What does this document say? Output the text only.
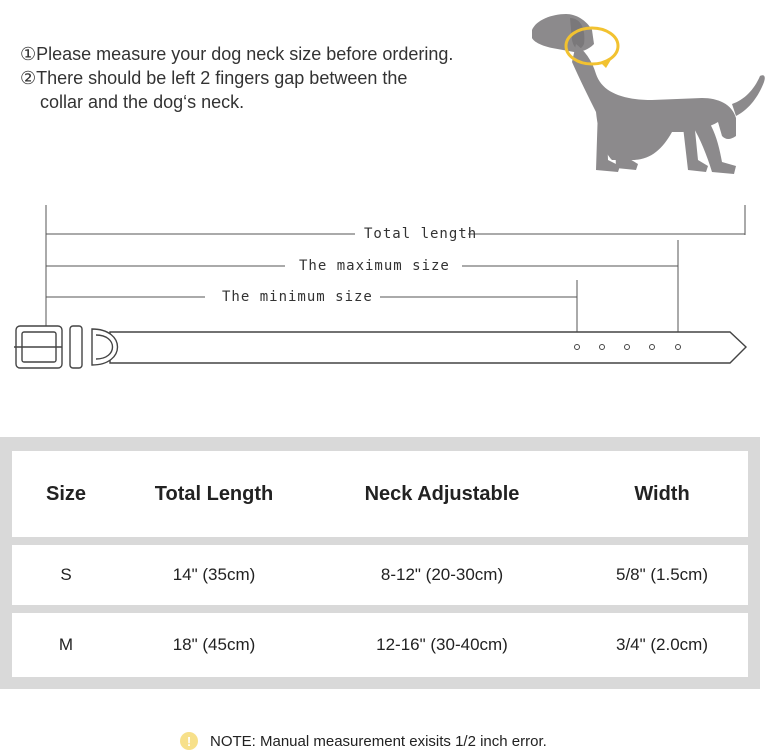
①Please measure your dog neck size before ordering.
②There should be left 2 fingers gap between the
collar and the dog‘s neck.
Total length
The maximum size
The minimum size
Size	Total Length	Neck Adjustable	Width
S	14" (35cm)	8-12" (20-30cm)	5/8" (1.5cm)
M	18" (45cm)	12-16" (30-40cm)	3/4" (2.0cm)
!	NOTE: Manual measurement exisits 1/2 inch error.
